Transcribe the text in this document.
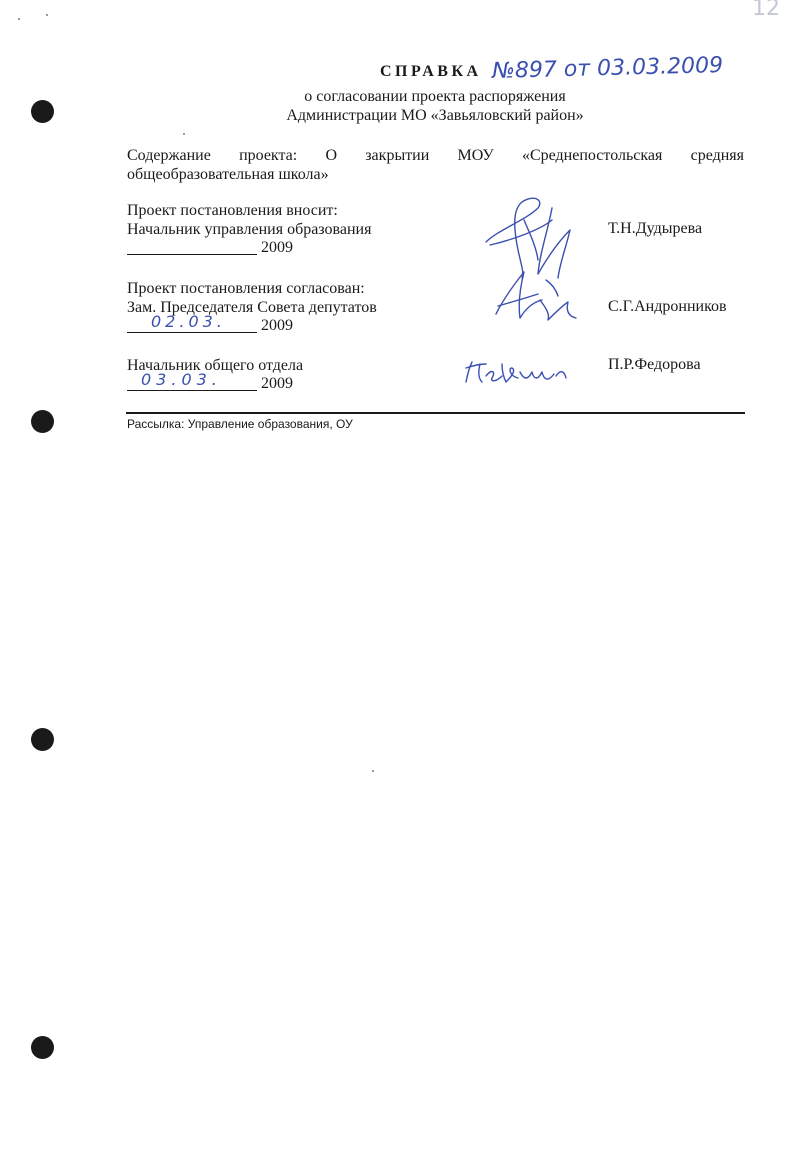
12
СПРАВКА №897 от 03.03.2009
о согласовании проекта распоряжения
Администрации МО «Завьяловский район»
Содержание проекта: О закрытии МОУ «Среднепостольская средняя
общеобразовательная школа»
Проект постановления вносит:
Начальник управления образования
2009
Т.Н.Дудырева
Проект постановления согласован:
Зам. Председателя Совета депутатов
02.03. 2009
С.Г.Андронников
Начальник общего отдела
03.03. 2009
П.Р.Федорова
Рассылка: Управление образования, ОУ
